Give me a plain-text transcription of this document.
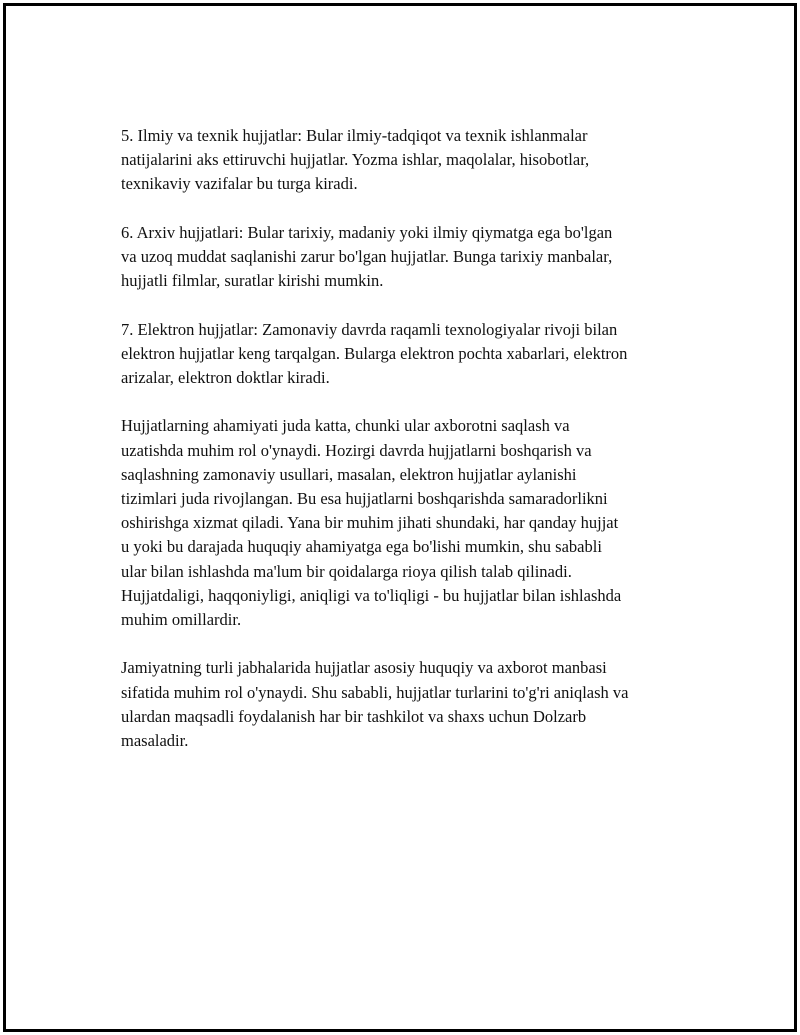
5. Ilmiy va texnik hujjatlar: Bular ilmiy-tadqiqot va texnik ishlanmalar
natijalarini aks ettiruvchi hujjatlar. Yozma ishlar, maqolalar, hisobotlar,
texnikaviy vazifalar bu turga kiradi.

6. Arxiv hujjatlari: Bular tarixiy, madaniy yoki ilmiy qiymatga ega bo'lgan
va uzoq muddat saqlanishi zarur bo'lgan hujjatlar. Bunga tarixiy manbalar,
hujjatli filmlar, suratlar kirishi mumkin.

7. Elektron hujjatlar: Zamonaviy davrda raqamli texnologiyalar rivoji bilan
elektron hujjatlar keng tarqalgan. Bularga elektron pochta xabarlari, elektron
arizalar, elektron doktlar kiradi.

Hujjatlarning ahamiyati juda katta, chunki ular axborotni saqlash va
uzatishda muhim rol o'ynaydi. Hozirgi davrda hujjatlarni boshqarish va
saqlashning zamonaviy usullari, masalan, elektron hujjatlar aylanishi
tizimlari juda rivojlangan. Bu esa hujjatlarni boshqarishda samaradorlikni
oshirishga xizmat qiladi. Yana bir muhim jihati shundaki, har qanday hujjat
u yoki bu darajada huquqiy ahamiyatga ega bo'lishi mumkin, shu sababli
ular bilan ishlashda ma'lum bir qoidalarga rioya qilish talab qilinadi.
Hujjatdaligi, haqqoniyligi, aniqligi va to'liqligi - bu hujjatlar bilan ishlashda
muhim omillardir.

Jamiyatning turli jabhalarida hujjatlar asosiy huquqiy va axborot manbasi
sifatida muhim rol o'ynaydi. Shu sababli, hujjatlar turlarini to'g'ri aniqlash va
ulardan maqsadli foydalanish har bir tashkilot va shaxs uchun Dolzarb
masaladir.
